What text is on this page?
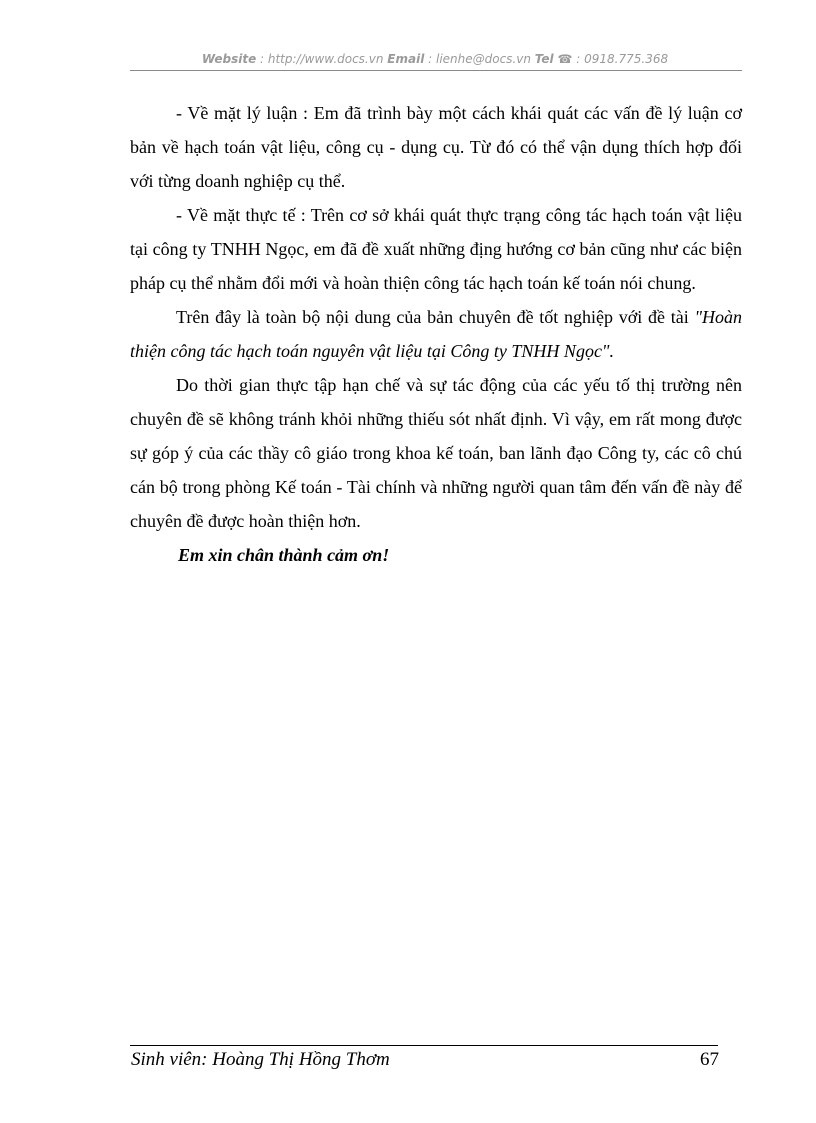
Website : http://www.docs.vn Email : lienhe@docs.vn Tel ☎ : 0918.775.368

- Về mặt lý luận : Em đã trình bày một cách khái quát các vấn đề lý luận cơ bản về hạch toán vật liệu, công cụ - dụng cụ. Từ đó có thể vận dụng thích hợp đối với từng doanh nghiệp cụ thể.

- Về mặt thực tế : Trên cơ sở khái quát thực trạng công tác hạch toán vật liệu tại công ty TNHH Ngọc, em đã đề xuất những địng hướng cơ bản cũng như các biện pháp cụ thể nhằm đổi mới và hoàn thiện công tác hạch toán kế toán nói chung.

Trên đây là toàn bộ nội dung của bản chuyên đề tốt nghiệp với đề tài "Hoàn thiện công tác hạch toán nguyên vật liệu tại Công ty TNHH Ngọc".

Do thời gian thực tập hạn chế và sự tác động của các yếu tố thị trường nên chuyên đề sẽ không tránh khỏi những thiếu sót nhất định. Vì vậy, em rất mong được sự góp ý của các thầy cô giáo trong khoa kế toán, ban lãnh đạo Công ty, các cô chú cán bộ trong phòng Kế toán - Tài chính và những người quan tâm đến vấn đề này để chuyên đề được hoàn thiện hơn.

Em xin chân thành cảm ơn!
Sinh viên: Hoàng Thị Hồng Thơm	67
